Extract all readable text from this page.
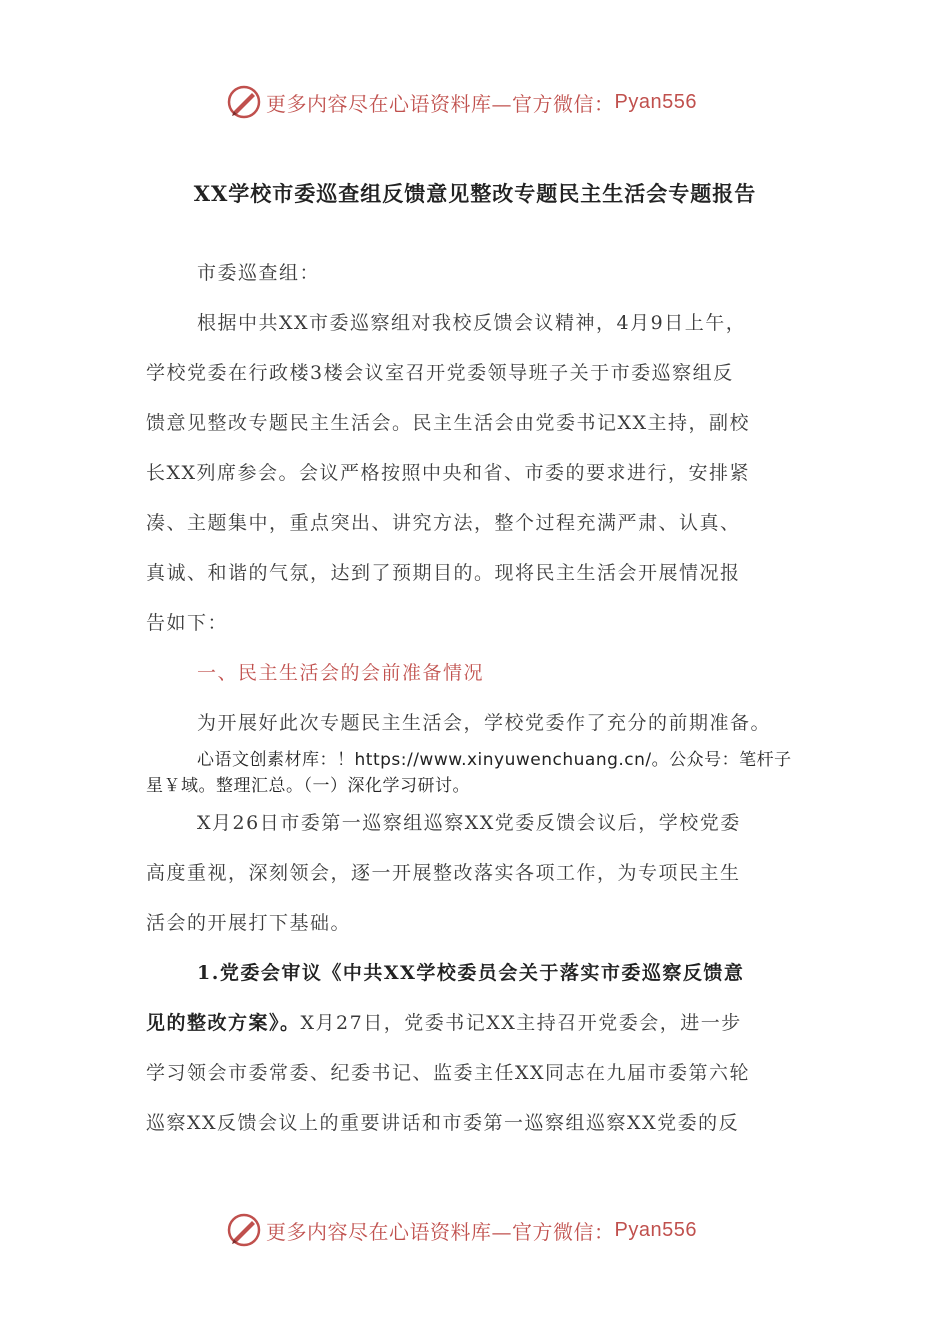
更多内容尽在心语资料库—官方微信： Pyan556
XX学校市委巡查组反馈意见整改专题民主生活会专题报告
市委巡查组：
根据中共XX市委巡察组对我校反馈会议精神，4月9日上午，
学校党委在行政楼3楼会议室召开党委领导班子关于市委巡察组反
馈意见整改专题民主生活会。民主生活会由党委书记XX主持，副校
长XX列席参会。会议严格按照中央和省、市委的要求进行，安排紧
凑、主题集中，重点突出、讲究方法，整个过程充满严肃、认真、
真诚、和谐的气氛，达到了预期目的。现将民主生活会开展情况报
告如下：
一、民主生活会的会前准备情况
为开展好此次专题民主生活会，学校党委作了充分的前期准备。
心语文创素材库：！https://www.xinyuwenchuang.cn/。公众号：笔杆子
星￥域。整理汇总。（一）深化学习研讨。
X月26日市委第一巡察组巡察XX党委反馈会议后，学校党委
高度重视，深刻领会，逐一开展整改落实各项工作，为专项民主生
活会的开展打下基础。
1.党委会审议《中共XX学校委员会关于落实市委巡察反馈意
见的整改方案》。X月27日，党委书记XX主持召开党委会，进一步
学习领会市委常委、纪委书记、监委主任XX同志在九届市委第六轮
巡察XX反馈会议上的重要讲话和市委第一巡察组巡察XX党委的反
更多内容尽在心语资料库—官方微信： Pyan556
